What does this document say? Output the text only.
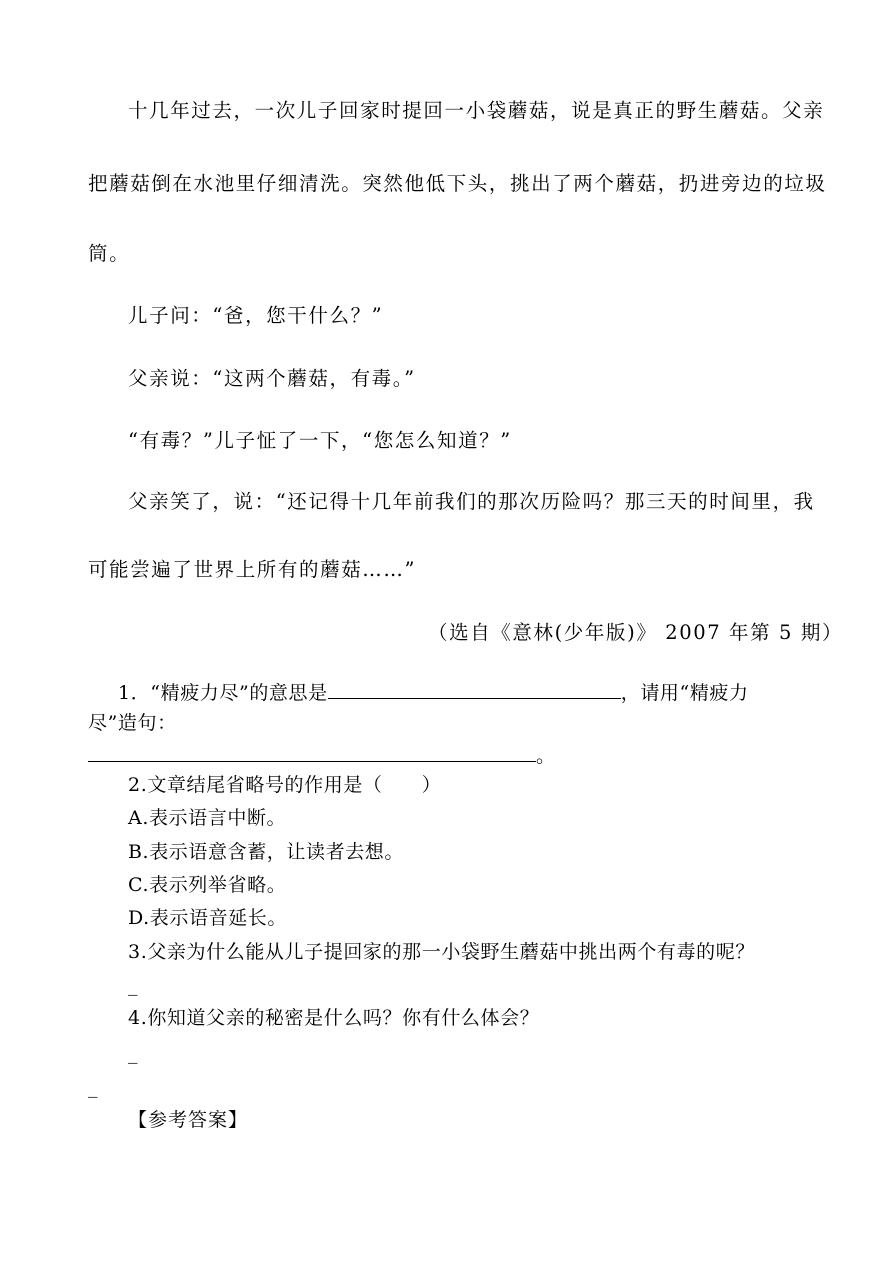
十几年过去，一次儿子回家时提回一小袋蘑菇，说是真正的野生蘑菇。父亲
把蘑菇倒在水池里仔细清洗。突然他低下头，挑出了两个蘑菇，扔进旁边的垃圾
筒。
儿子问：“爸，您干什么？”
父亲说：“这两个蘑菇，有毒。”
“有毒？”儿子怔了一下，“您怎么知道？”
父亲笑了，说：“还记得十几年前我们的那次历险吗？那三天的时间里，我
可能尝遍了世界上所有的蘑菇……”
（选自《意林(少年版)》 2007 年第 5 期）
1．“精疲力尽”的意思是	，请用“精疲力
尽”造句：
。
2.文章结尾省略号的作用是（　　）
A.表示语言中断。
B.表示语意含蓄，让读者去想。
C.表示列举省略。
D.表示语音延长。
3.父亲为什么能从儿子提回家的那一小袋野生蘑菇中挑出两个有毒的呢？
_
4.你知道父亲的秘密是什么吗？你有什么体会？
_
_
【参考答案】
